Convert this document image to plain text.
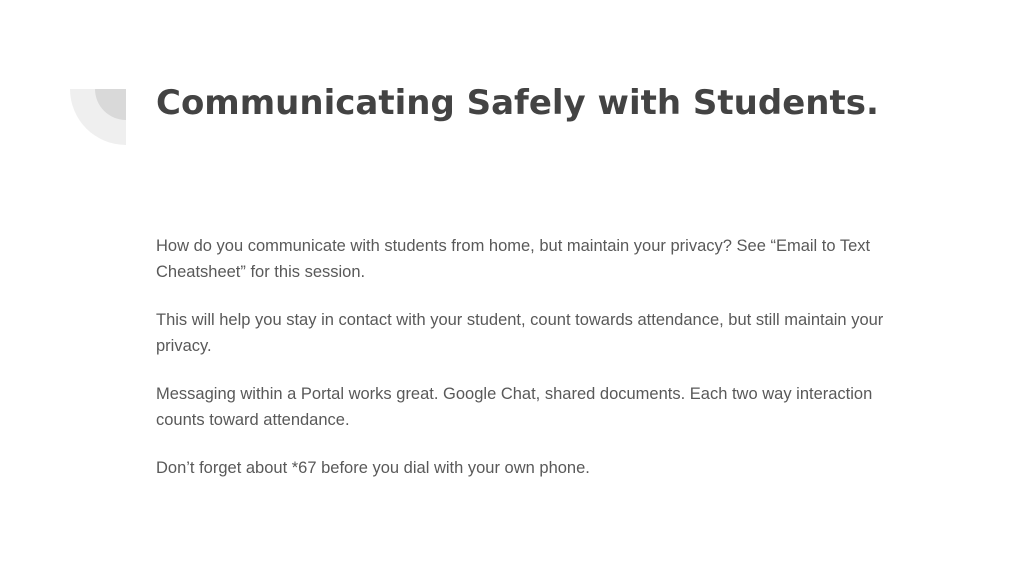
Communicating Safely with Students.

How do you communicate with students from home, but maintain your privacy? See “Email to Text Cheatsheet” for this session.

This will help you stay in contact with your student, count towards attendance, but still maintain your privacy.

Messaging within a Portal works great. Google Chat, shared documents. Each two way interaction counts toward attendance.

Don’t forget about *67 before you dial with your own phone.
